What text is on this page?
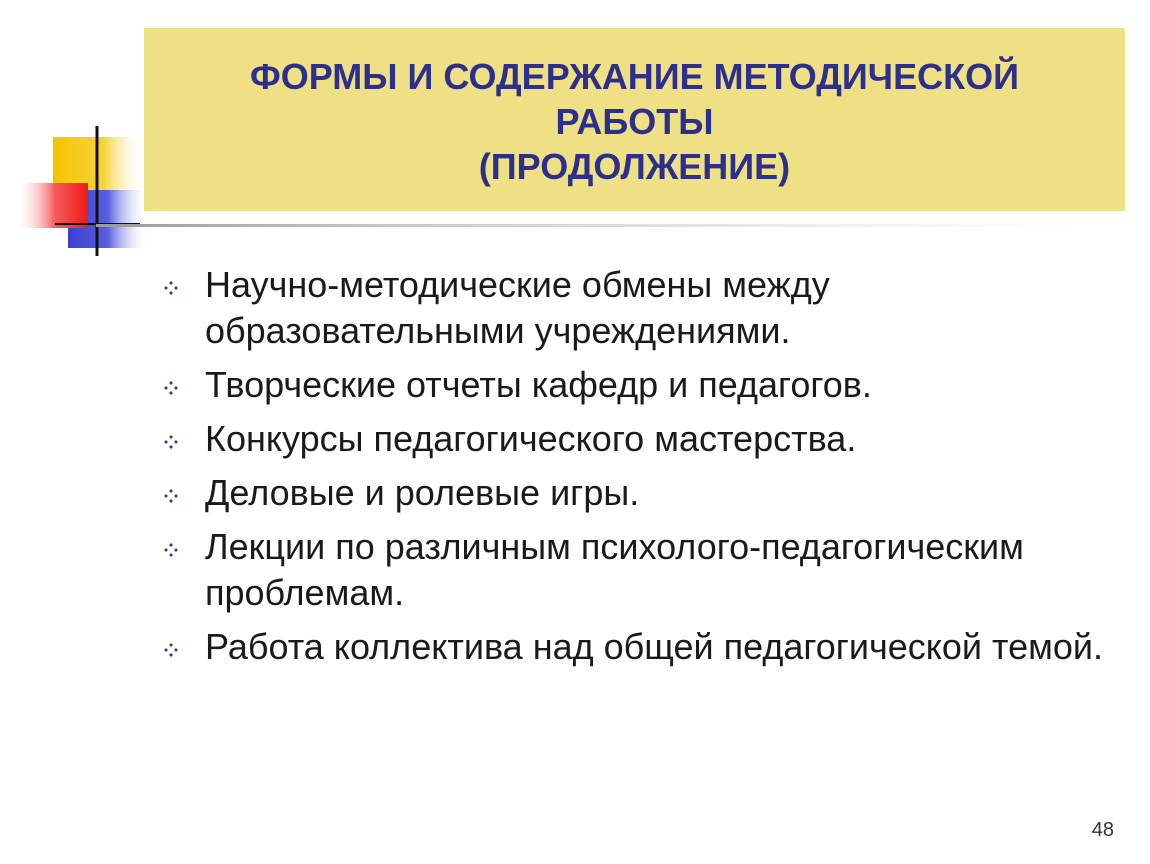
ФОРМЫ И СОДЕРЖАНИЕ МЕТОДИЧЕСКОЙ
РАБОТЫ
(ПРОДОЛЖЕНИЕ)
Научно-методические обмены между образовательными учреждениями.
Творческие отчеты кафедр и педагогов.
Конкурсы педагогического мастерства.
Деловые и ролевые игры.
Лекции по различным психолого-педагогическим проблемам.
Работа коллектива над общей педагогической темой.
48
